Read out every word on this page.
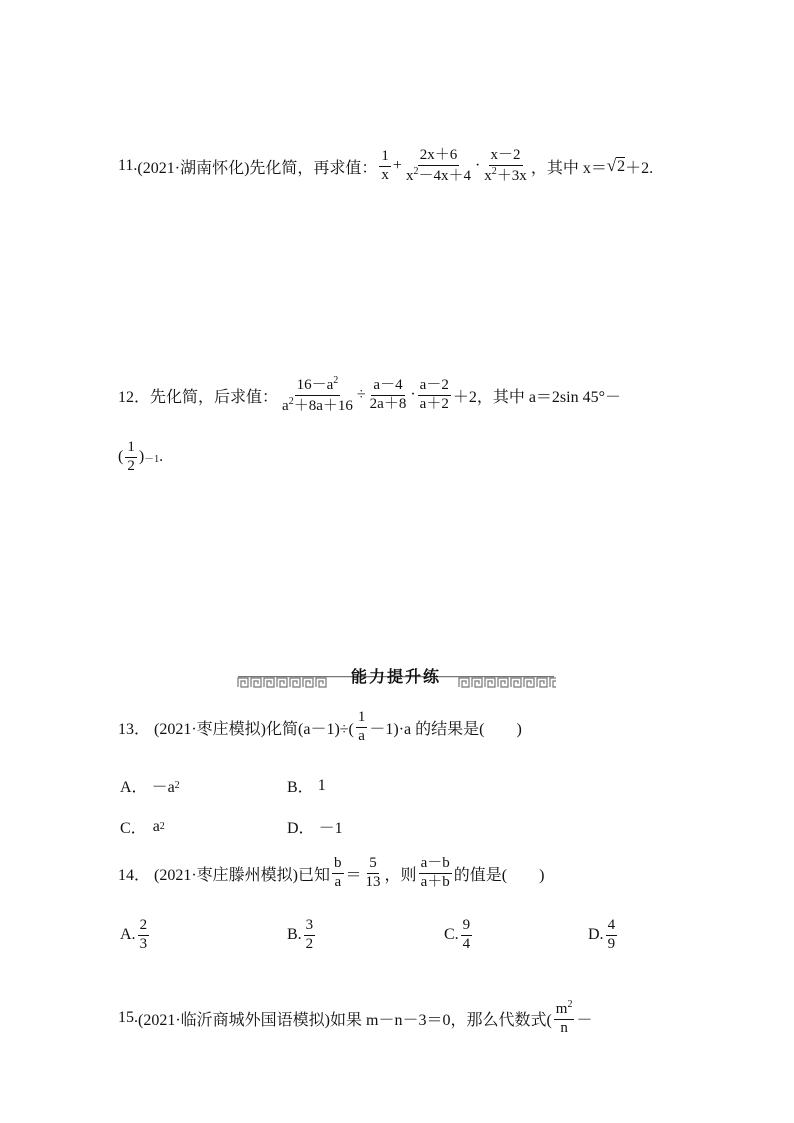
11. (2021·湖南怀化) 先化简，再求值： $\frac{1}{x} + \frac{2x+6}{x^2-4x+4} \cdot \frac{x-2}{x^2+3x}$ ，其中 x＝ √ 2 ＋2.
12． 先化简，后求值： $\frac{16-a^2}{a^2+8a+16} \div \frac{a-4}{2a+8} \cdot \frac{a-2}{a+2} +2$，其中 a＝2sin 45°－
( $\frac{1}{2}$ ) －1 .
能力提升练
13． (2021·枣庄模拟) 化简$(a-1)\div( \frac{1}{a} -1)\cdot a$ 的结果是(　　)
A． －a 2	B． 1
C． a 2	D． －1
14． (2021·枣庄滕州模拟) 已知 $\frac{b}{a} = \frac{5}{13}$ ，则 $\frac{a-b}{a+b}$ 的值是(　　)
A. $\frac{2}{3}$	B. $\frac{3}{2}$	C. $\frac{9}{4}$	D. $\frac{4}{9}$
15. (2021·临沂商城外国语模拟) 如果 m－n－3＝0，那么代数式( $\frac{m^2}{n}$ －
